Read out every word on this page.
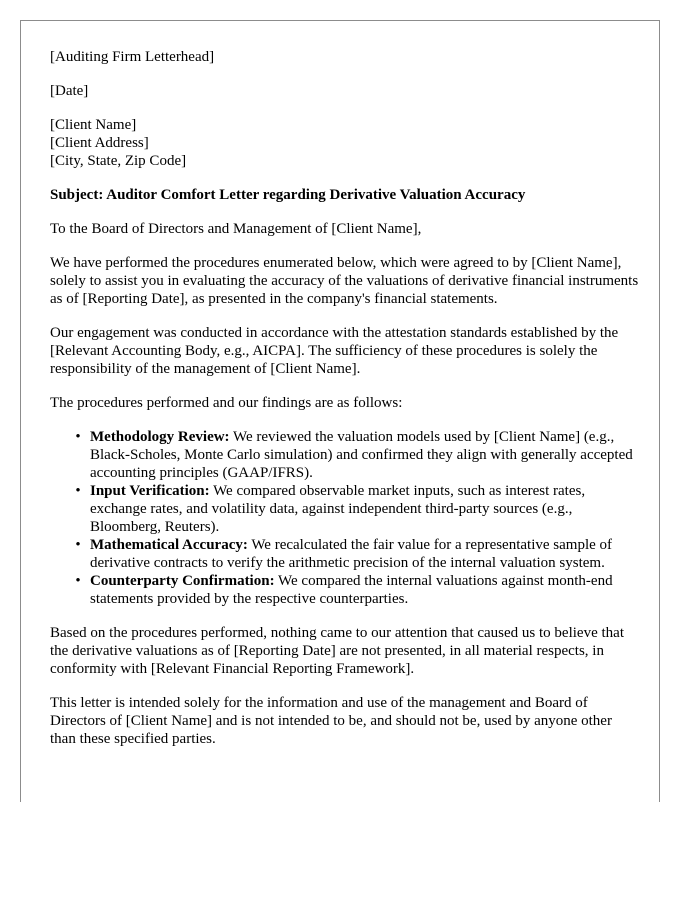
[Auditing Firm Letterhead]

[Date]

[Client Name]
[Client Address]
[City, State, Zip Code]

Subject: Auditor Comfort Letter regarding Derivative Valuation Accuracy

To the Board of Directors and Management of [Client Name],

We have performed the procedures enumerated below, which were agreed to by [Client Name], solely to assist you in evaluating the accuracy of the valuations of derivative financial instruments as of [Reporting Date], as presented in the company's financial statements.

Our engagement was conducted in accordance with the attestation standards established by the [Relevant Accounting Body, e.g., AICPA]. The sufficiency of these procedures is solely the responsibility of the management of [Client Name].

The procedures performed and our findings are as follows:

• Methodology Review: We reviewed the valuation models used by [Client Name] (e.g., Black-Scholes, Monte Carlo simulation) and confirmed they align with generally accepted accounting principles (GAAP/IFRS).
• Input Verification: We compared observable market inputs, such as interest rates, exchange rates, and volatility data, against independent third-party sources (e.g., Bloomberg, Reuters).
• Mathematical Accuracy: We recalculated the fair value for a representative sample of derivative contracts to verify the arithmetic precision of the internal valuation system.
• Counterparty Confirmation: We compared the internal valuations against month-end statements provided by the respective counterparties.

Based on the procedures performed, nothing came to our attention that caused us to believe that the derivative valuations as of [Reporting Date] are not presented, in all material respects, in conformity with [Relevant Financial Reporting Framework].

This letter is intended solely for the information and use of the management and Board of Directors of [Client Name] and is not intended to be, and should not be, used by anyone other than these specified parties.
